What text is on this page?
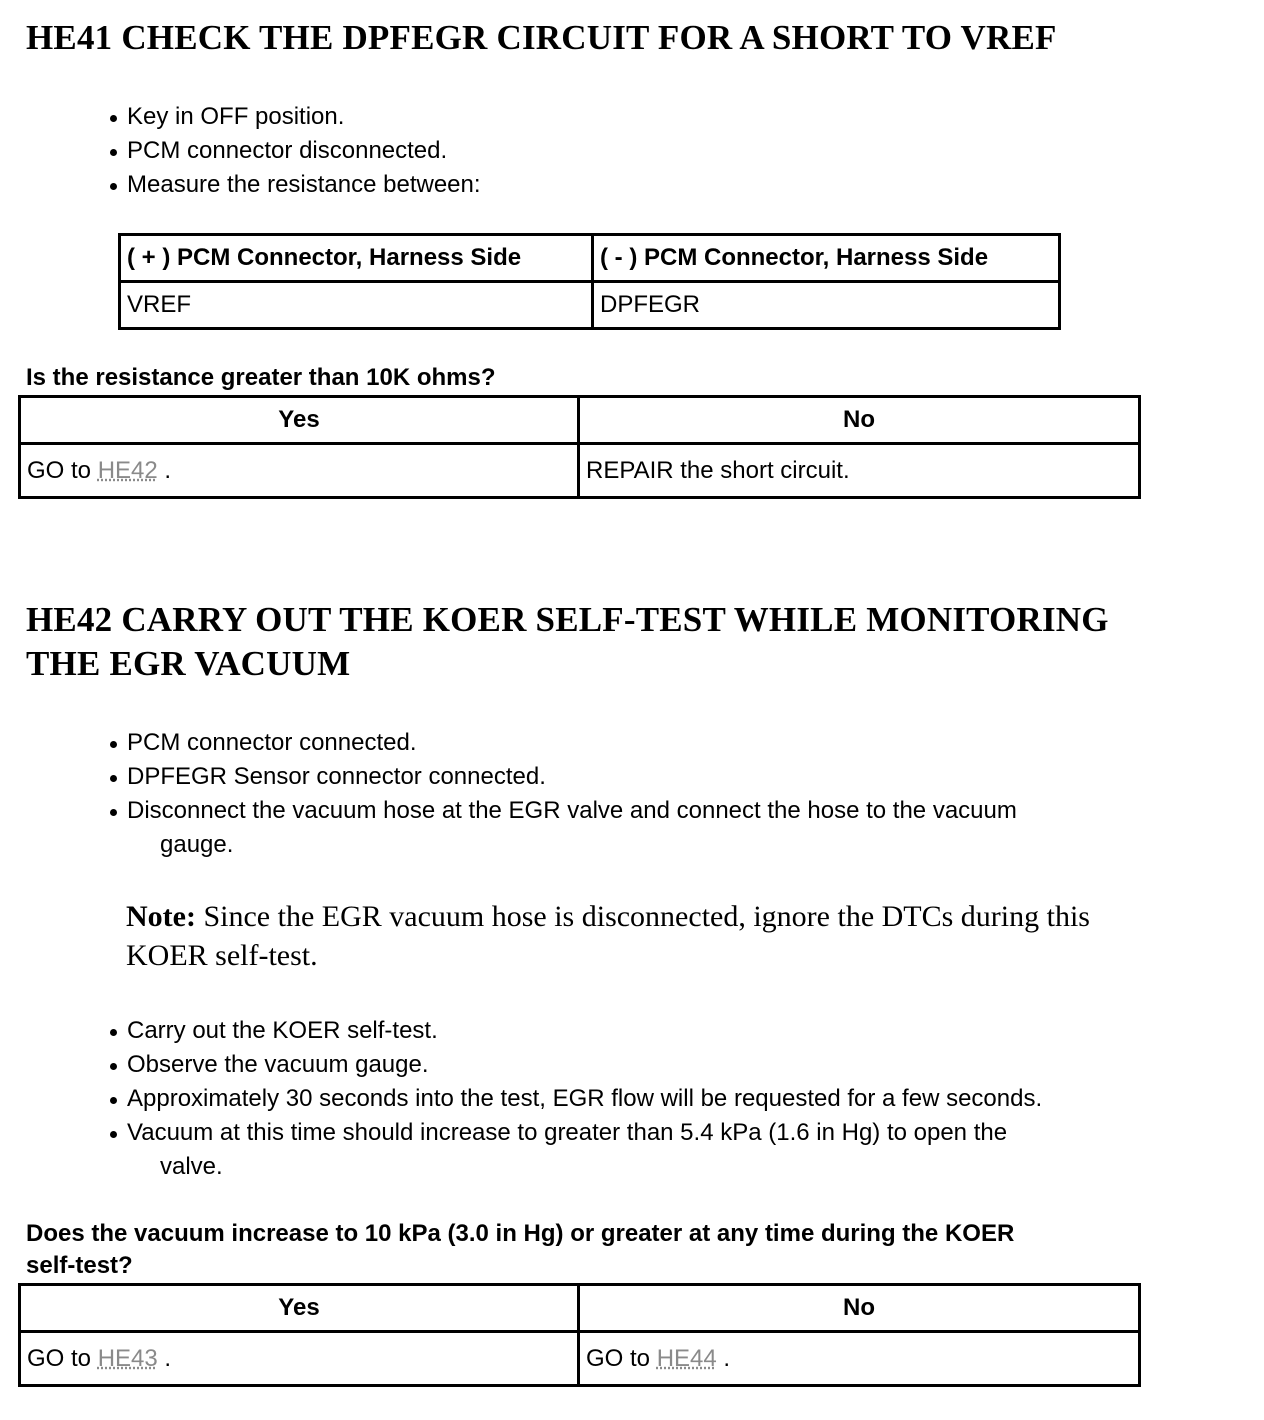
HE41 CHECK THE DPFEGR CIRCUIT FOR A SHORT TO VREF
Key in OFF position.
PCM connector disconnected.
Measure the resistance between:
( + ) PCM Connector, Harness Side	( - ) PCM Connector, Harness Side
VREF	DPFEGR

Is the resistance greater than 10K ohms?

Yes	No
GO to HE42 .	REPAIR the short circuit.
HE42 CARRY OUT THE KOER SELF-TEST WHILE MONITORING
THE EGR VACUUM
PCM connector connected.
DPFEGR Sensor connector connected.
Disconnect the vacuum hose at the EGR valve and connect the hose to the vacuum
gauge.

Note: Since the EGR vacuum hose is disconnected, ignore the DTCs during this
KOER self-test.

Carry out the KOER self-test.
Observe the vacuum gauge.
Approximately 30 seconds into the test, EGR flow will be requested for a few seconds.
Vacuum at this time should increase to greater than 5.4 kPa (1.6 in Hg) to open the
valve.

Does the vacuum increase to 10 kPa (3.0 in Hg) or greater at any time during the KOER
self-test?

Yes	No
GO to HE43 .	GO to HE44 .
